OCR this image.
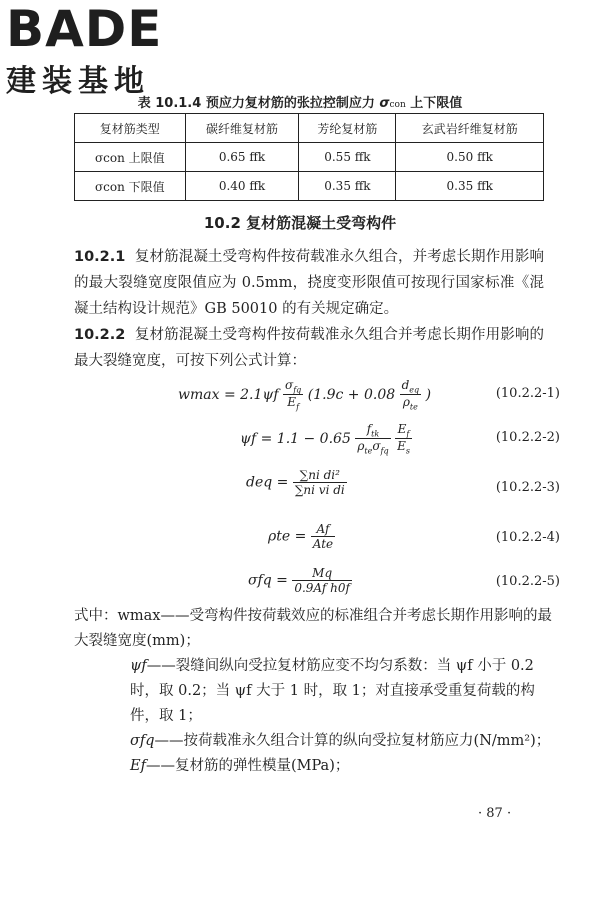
BADE
建装基地
表 10.1.4 预应力复材筋的张拉控制应力 σcon 上下限值
复材筋类型	碳纤维复材筋	芳纶复材筋	玄武岩纤维复材筋
σcon 上限值	0.65 ffk	0.55 ffk	0.50 ffk
σcon 下限值	0.40 ffk	0.35 ffk	0.35 ffk
10.2 复材筋混凝土受弯构件
10.2.1 复材筋混凝土受弯构件按荷载准永久组合，并考虑长期作用影响的最大裂缝宽度限值应为 0.5mm，挠度变形限值可按现行国家标准《混凝土结构设计规范》GB 50010 的有关规定确定。
10.2.2 复材筋混凝土受弯构件按荷载准永久组合并考虑长期作用影响的最大裂缝宽度，可按下列公式计算：
$wmax = 2.1\psi f \frac{\sigma_{fq}}{E_f} (1.9c + 0.08 \frac{d_{eq}}{\rho_{te}}$ )	(10.2.2-1)
$\psi f = 1.1 - 0.65 \frac{f_{tk}}{\rho_{te}\sigma_{fq}}$
$\frac{E_f}{E_s}$	(10.2.2-2)
deq = $\frac{\text{∑ni di²}}{\text{∑ni vi di}}$	(10.2.2-3)
$\rho te = \frac{Af}{\text{Ate}}$	(10.2.2-4)
$\sigma fq = \frac{Mq}{\text{0.9Af h0f}}$	(10.2.2-5)
式中：wmax——受弯构件按荷载效应的标准组合并考虑长期作用影响的最大裂缝宽度(mm)；
ψf——裂缝间纵向受拉复材筋应变不均匀系数：当 ψf 小于 0.2 时，取 0.2；当 ψf 大于 1 时，取 1；对直接承受重复荷载的构件，取 1；
σfq——按荷载准永久组合计算的纵向受拉复材筋应力(N/mm²)；
Ef——复材筋的弹性模量(MPa)；
· 87 ·
